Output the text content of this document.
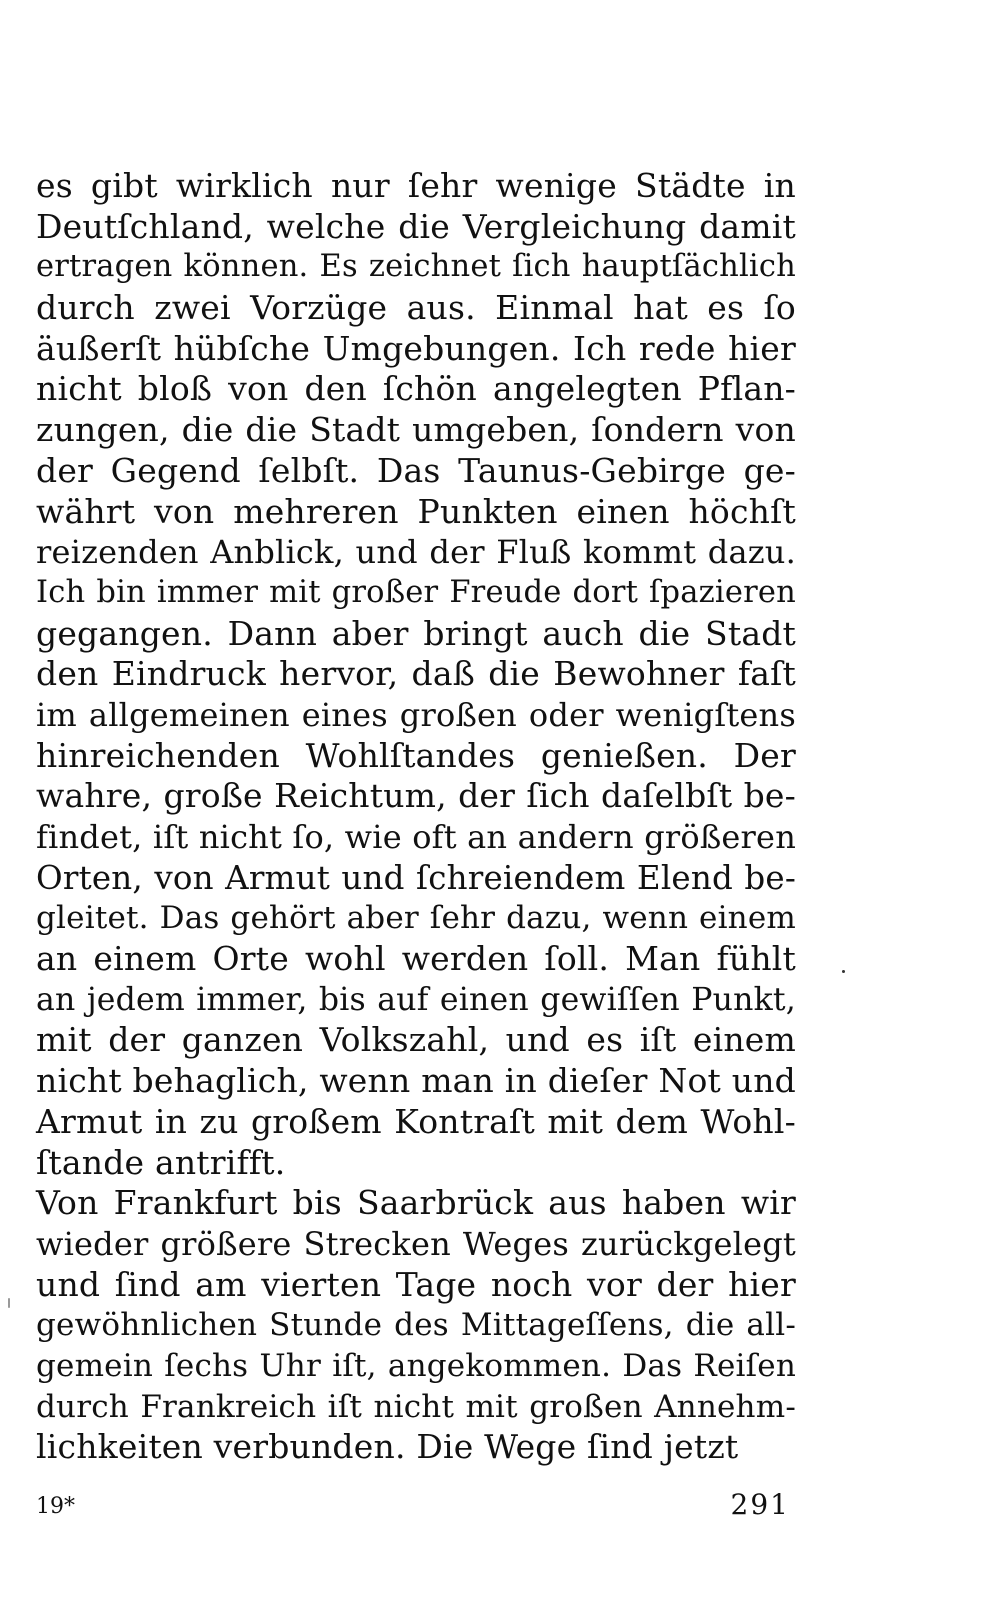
es gibt wirklich nur ſehr wenige Städte in
Deutſchland, welche die Vergleichung damit
ertragen können. Es zeichnet ſich hauptſächlich
durch zwei Vorzüge aus. Einmal hat es ſo
äußerſt hübſche Umgebungen. Ich rede hier
nicht bloß von den ſchön angelegten Pflan-
zungen, die die Stadt umgeben, ſondern von
der Gegend ſelbſt. Das Taunus-Gebirge ge-
währt von mehreren Punkten einen höchſt
reizenden Anblick, und der Fluß kommt dazu.
Ich bin immer mit großer Freude dort ſpazieren
gegangen. Dann aber bringt auch die Stadt
den Eindruck hervor, daß die Bewohner faſt
im allgemeinen eines großen oder wenigſtens
hinreichenden Wohlſtandes genießen. Der
wahre, große Reichtum, der ſich daſelbſt be-
findet, iſt nicht ſo, wie oft an andern größeren
Orten, von Armut und ſchreiendem Elend be-
gleitet. Das gehört aber ſehr dazu, wenn einem
an einem Orte wohl werden ſoll. Man fühlt
an jedem immer, bis auf einen gewiſſen Punkt,
mit der ganzen Volkszahl, und es iſt einem
nicht behaglich, wenn man in dieſer Not und
Armut in zu großem Kontraſt mit dem Wohl-
ſtande antrifft.
Von Frankfurt bis Saarbrück aus haben wir
wieder größere Strecken Weges zurückgelegt
und ſind am vierten Tage noch vor der hier
gewöhnlichen Stunde des Mittageſſens, die all-
gemein ſechs Uhr iſt, angekommen. Das Reiſen
durch Frankreich iſt nicht mit großen Annehm-
lichkeiten verbunden. Die Wege ſind jetzt
19*	291
